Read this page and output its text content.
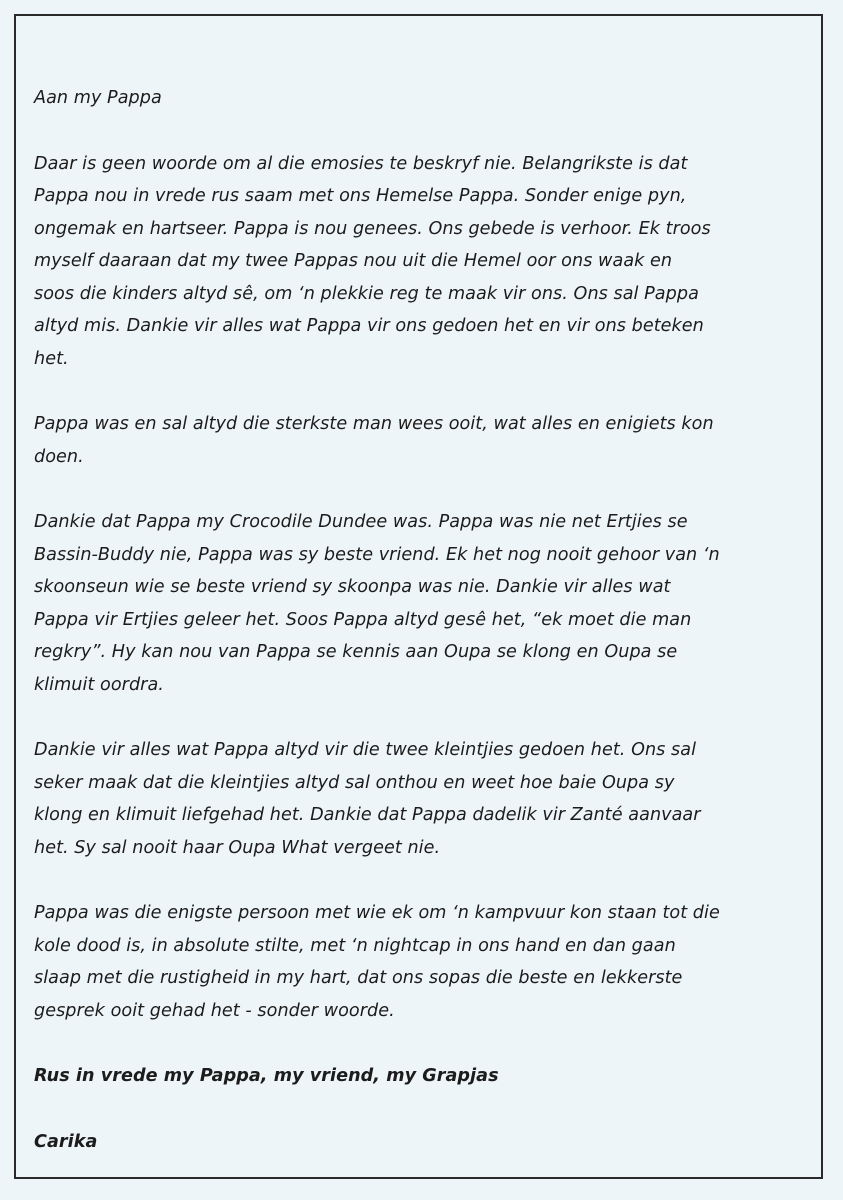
Aan my Pappa

Daar is geen woorde om al die emosies te beskryf nie. Belangrikste is dat
Pappa nou in vrede rus saam met ons Hemelse Pappa. Sonder enige pyn,
ongemak en hartseer. Pappa is nou genees. Ons gebede is verhoor. Ek troos
myself daaraan dat my twee Pappas nou uit die Hemel oor ons waak en
soos die kinders altyd sê, om ‘n plekkie reg te maak vir ons. Ons sal Pappa
altyd mis. Dankie vir alles wat Pappa vir ons gedoen het en vir ons beteken
het.

Pappa was en sal altyd die sterkste man wees ooit, wat alles en enigiets kon
doen.

Dankie dat Pappa my Crocodile Dundee was. Pappa was nie net Ertjies se
Bassin-Buddy nie, Pappa was sy beste vriend. Ek het nog nooit gehoor van ‘n
skoonseun wie se beste vriend sy skoonpa was nie. Dankie vir alles wat
Pappa vir Ertjies geleer het. Soos Pappa altyd gesê het, “ek moet die man
regkry”. Hy kan nou van Pappa se kennis aan Oupa se klong en Oupa se
klimuit oordra.

Dankie vir alles wat Pappa altyd vir die twee kleintjies gedoen het. Ons sal
seker maak dat die kleintjies altyd sal onthou en weet hoe baie Oupa sy
klong en klimuit liefgehad het. Dankie dat Pappa dadelik vir Zanté aanvaar
het. Sy sal nooit haar Oupa What vergeet nie.

Pappa was die enigste persoon met wie ek om ‘n kampvuur kon staan tot die
kole dood is, in absolute stilte, met ‘n nightcap in ons hand en dan gaan
slaap met die rustigheid in my hart, dat ons sopas die beste en lekkerste
gesprek ooit gehad het - sonder woorde.

Rus in vrede my Pappa, my vriend, my Grapjas

Carika
